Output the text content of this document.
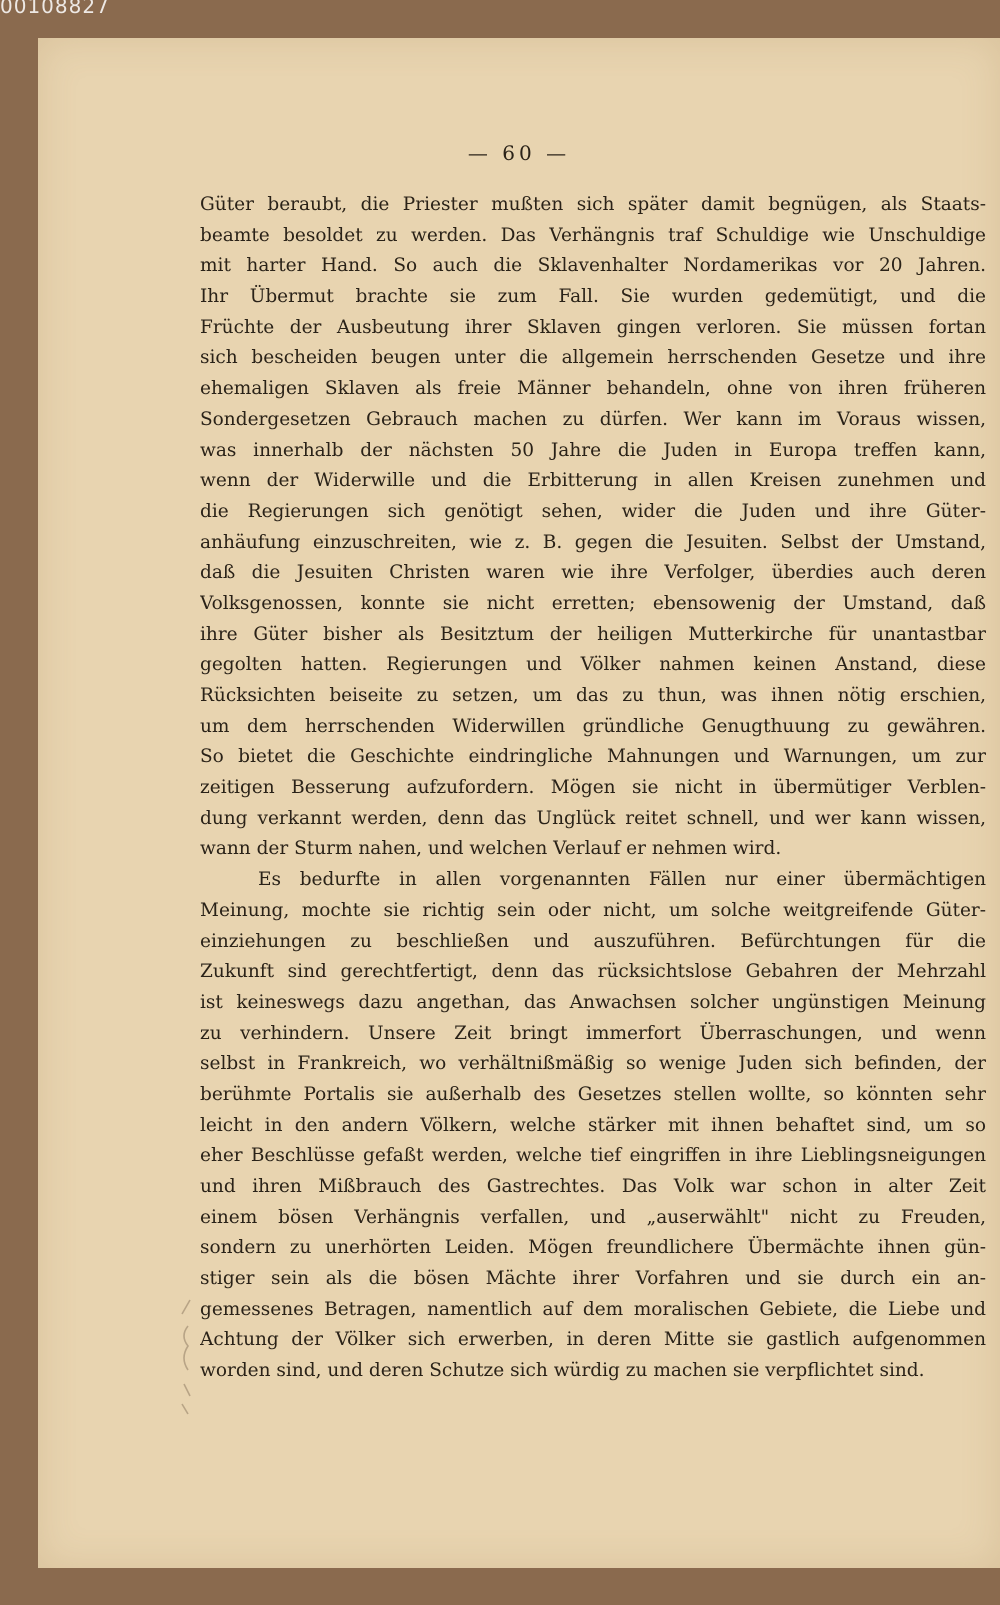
00108827
— 60 —
Güter beraubt, die Priester mußten sich später damit begnügen, als Staats-
beamte besoldet zu werden. Das Verhängnis traf Schuldige wie Unschuldige
mit harter Hand. So auch die Sklavenhalter Nordamerikas vor 20 Jahren.
Ihr Übermut brachte sie zum Fall. Sie wurden gedemütigt, und die
Früchte der Ausbeutung ihrer Sklaven gingen verloren. Sie müssen fortan
sich bescheiden beugen unter die allgemein herrschenden Gesetze und ihre
ehemaligen Sklaven als freie Männer behandeln, ohne von ihren früheren
Sondergesetzen Gebrauch machen zu dürfen. Wer kann im Voraus wissen,
was innerhalb der nächsten 50 Jahre die Juden in Europa treffen kann,
wenn der Widerwille und die Erbitterung in allen Kreisen zunehmen und
die Regierungen sich genötigt sehen, wider die Juden und ihre Güter-
anhäufung einzuschreiten, wie z. B. gegen die Jesuiten. Selbst der Umstand,
daß die Jesuiten Christen waren wie ihre Verfolger, überdies auch deren
Volksgenossen, konnte sie nicht erretten; ebensowenig der Umstand, daß
ihre Güter bisher als Besitztum der heiligen Mutterkirche für unantastbar
gegolten hatten. Regierungen und Völker nahmen keinen Anstand, diese
Rücksichten beiseite zu setzen, um das zu thun, was ihnen nötig erschien,
um dem herrschenden Widerwillen gründliche Genugthuung zu gewähren.
So bietet die Geschichte eindringliche Mahnungen und Warnungen, um zur
zeitigen Besserung aufzufordern. Mögen sie nicht in übermütiger Verblen-
dung verkannt werden, denn das Unglück reitet schnell, und wer kann wissen,
wann der Sturm nahen, und welchen Verlauf er nehmen wird.
Es bedurfte in allen vorgenannten Fällen nur einer übermächtigen
Meinung, mochte sie richtig sein oder nicht, um solche weitgreifende Güter-
einziehungen zu beschließen und auszuführen. Befürchtungen für die
Zukunft sind gerechtfertigt, denn das rücksichtslose Gebahren der Mehrzahl
ist keineswegs dazu angethan, das Anwachsen solcher ungünstigen Meinung
zu verhindern. Unsere Zeit bringt immerfort Überraschungen, und wenn
selbst in Frankreich, wo verhältnißmäßig so wenige Juden sich befinden, der
berühmte Portalis sie außerhalb des Gesetzes stellen wollte, so könnten sehr
leicht in den andern Völkern, welche stärker mit ihnen behaftet sind, um so
eher Beschlüsse gefaßt werden, welche tief eingriffen in ihre Lieblingsneigungen
und ihren Mißbrauch des Gastrechtes. Das Volk war schon in alter Zeit
einem bösen Verhängnis verfallen, und „auserwählt" nicht zu Freuden,
sondern zu unerhörten Leiden. Mögen freundlichere Übermächte ihnen gün-
stiger sein als die bösen Mächte ihrer Vorfahren und sie durch ein an-
gemessenes Betragen, namentlich auf dem moralischen Gebiete, die Liebe und
Achtung der Völker sich erwerben, in deren Mitte sie gastlich aufgenommen
worden sind, und deren Schutze sich würdig zu machen sie verpflichtet sind.
